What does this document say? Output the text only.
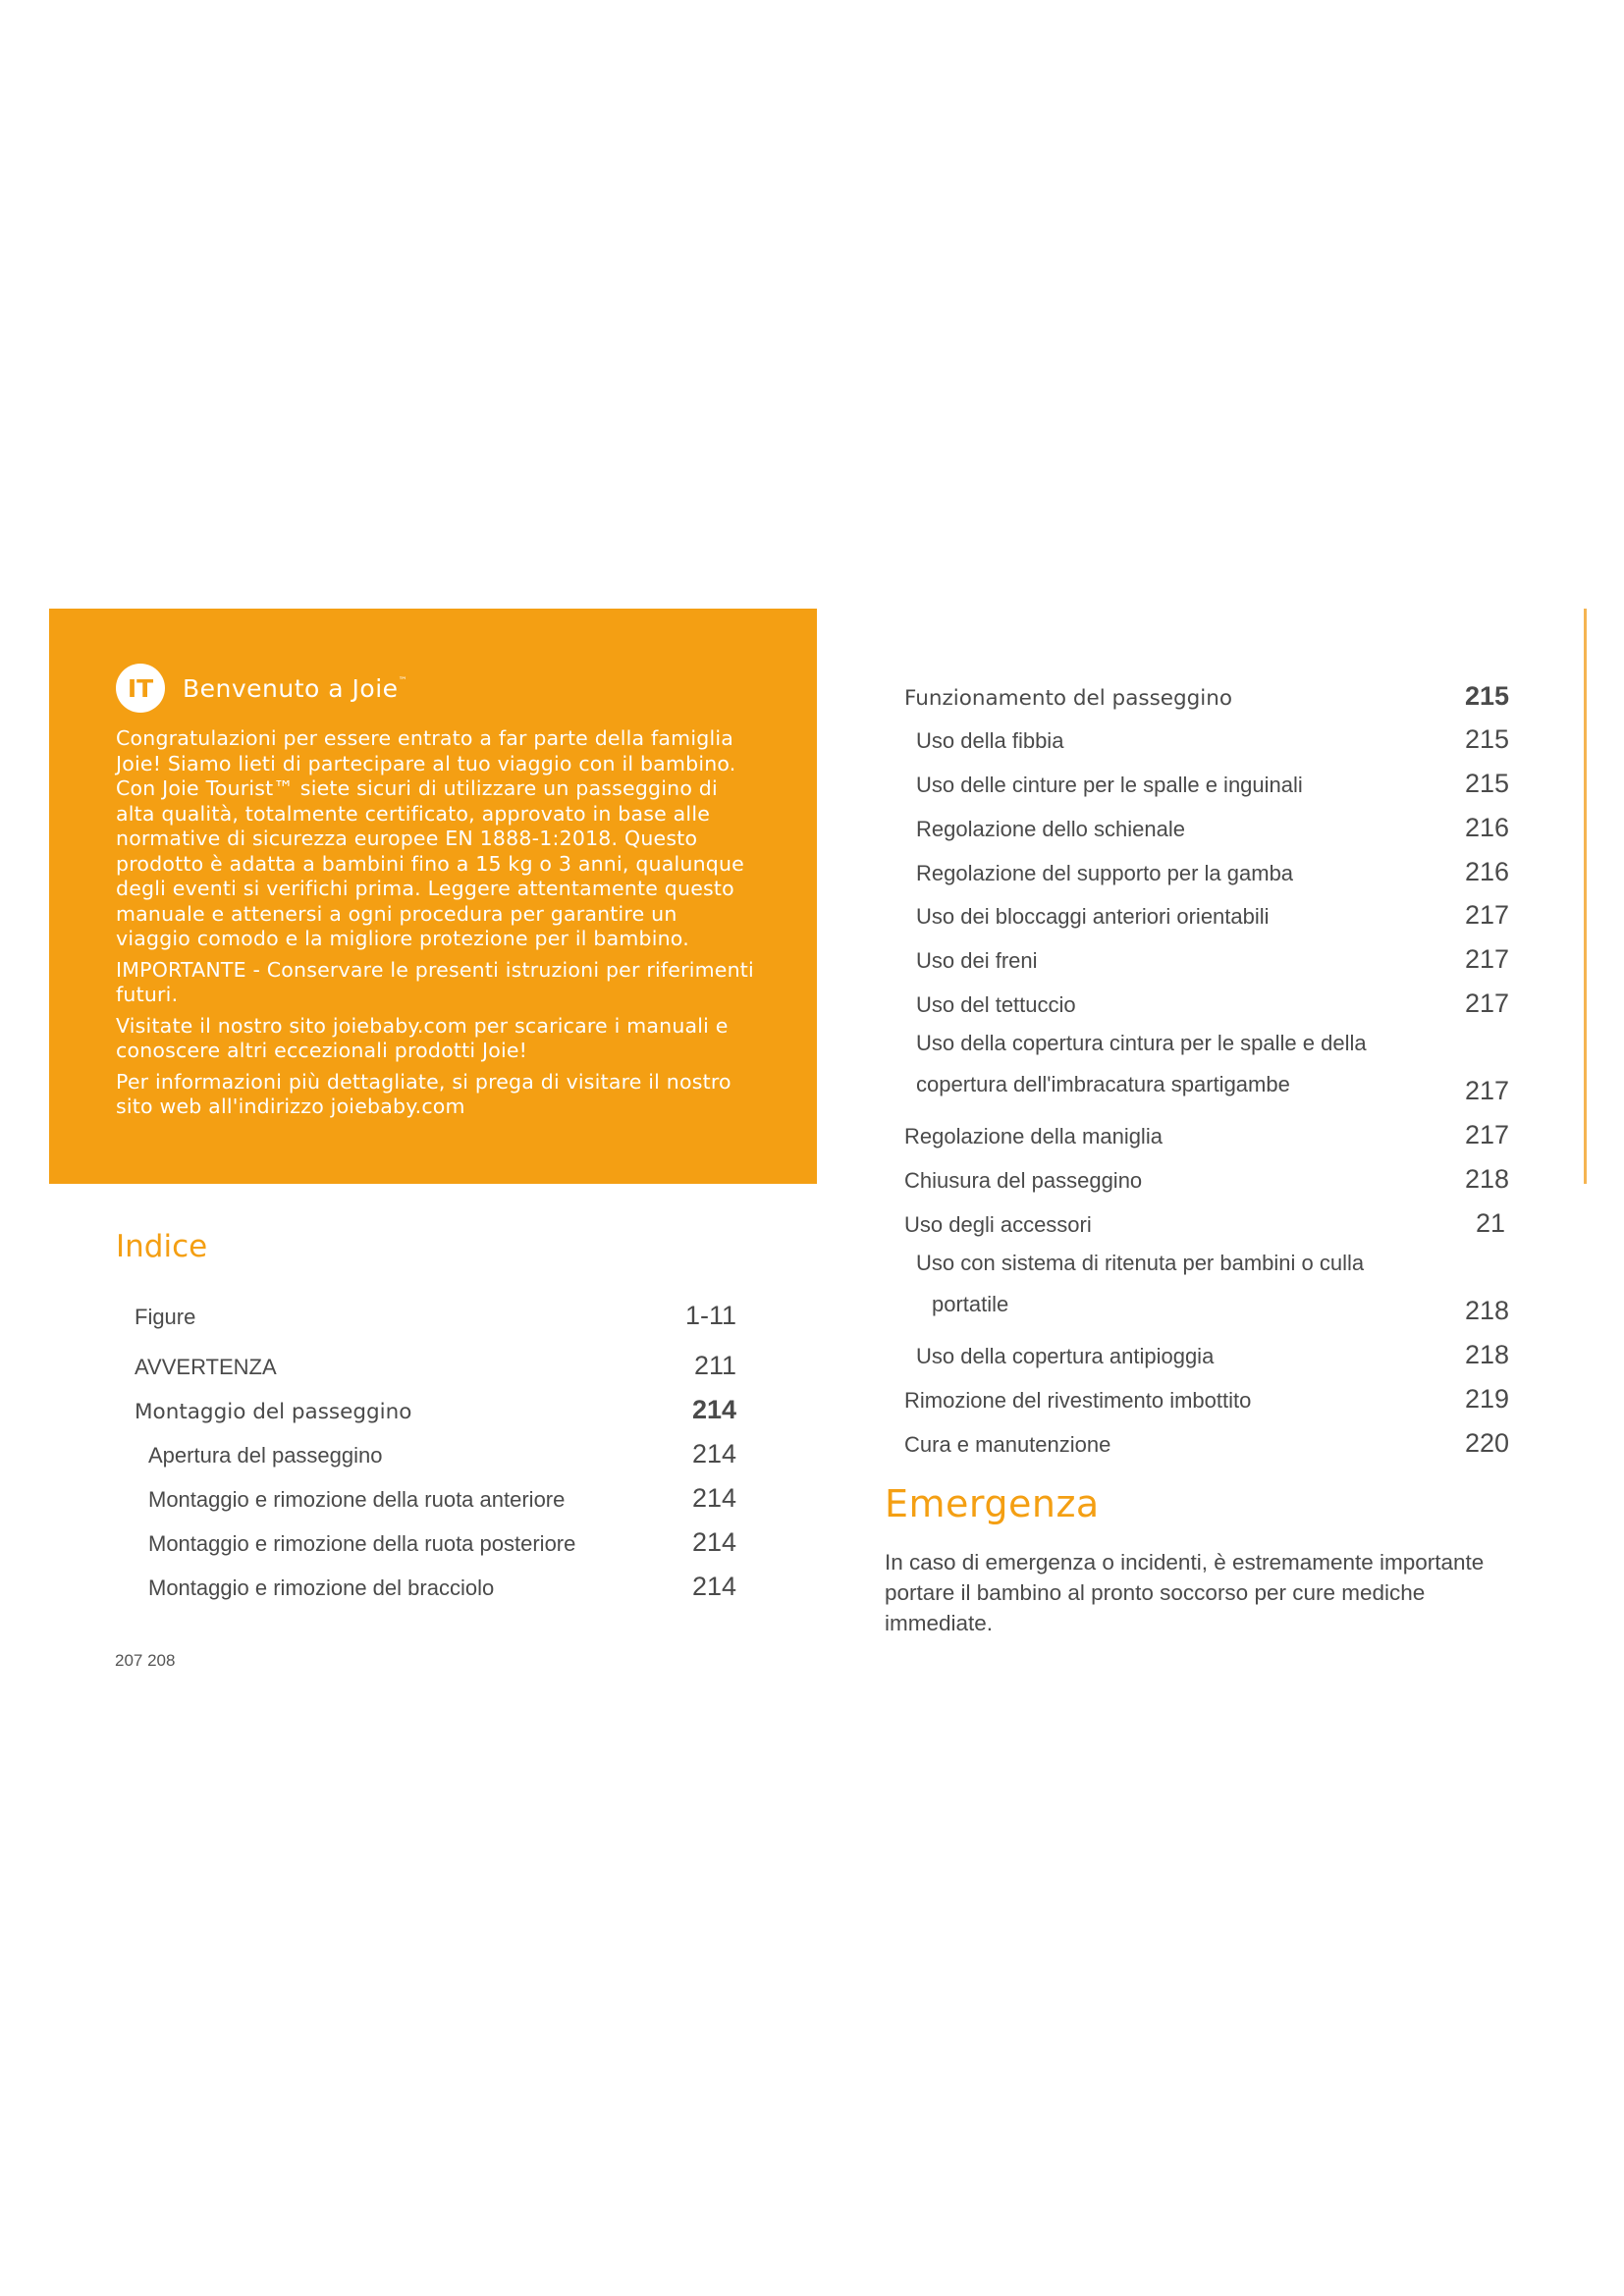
IT	Benvenuto a Joie™

Congratulazioni per essere entrato a far parte della famiglia Joie! Siamo lieti di partecipare al tuo viaggio con il bambino. Con Joie Tourist™ siete sicuri di utilizzare un passeggino di alta qualità, totalmente certificato, approvato in base alle normative di sicurezza europee EN 1888-1:2018. Questo prodotto è adatta a bambini fino a 15 kg o 3 anni, qualunque degli eventi si verifichi prima. Leggere attentamente questo manuale e attenersi a ogni procedura per garantire un viaggio comodo e la migliore protezione per il bambino.

IMPORTANTE - Conservare le presenti istruzioni per riferimenti futuri.

Visitate il nostro sito joiebaby.com per scaricare i manuali e conoscere altri eccezionali prodotti Joie!

Per informazioni più dettagliate, si prega di visitare il nostro sito web all'indirizzo joiebaby.com

Indice
Figure	1-11
AVVERTENZA	211
Montaggio del passeggino	214
Apertura del passeggino	214
Montaggio e rimozione della ruota anteriore	214
Montaggio e rimozione della ruota posteriore	214
Montaggio e rimozione del bracciolo	214
Funzionamento del passeggino	215
Uso della fibbia	215
Uso delle cinture per le spalle e inguinali	215
Regolazione dello schienale	216
Regolazione del supporto per la gamba	216
Uso dei bloccaggi anteriori orientabili	217
Uso dei freni	217
Uso del tettuccio	217
Uso della copertura cintura per le spalle e della
copertura dell'imbracatura spartigambe	217
Regolazione della maniglia	217
Chiusura del passeggino	218
Uso degli accessori	21
Uso con sistema di ritenuta per bambini o culla
portatile	218
Uso della copertura antipioggia	218
Rimozione del rivestimento imbottito	219
Cura e manutenzione	220
Emergenza

In caso di emergenza o incidenti, è estremamente importante portare il bambino al pronto soccorso per cure mediche immediate.

207 208
